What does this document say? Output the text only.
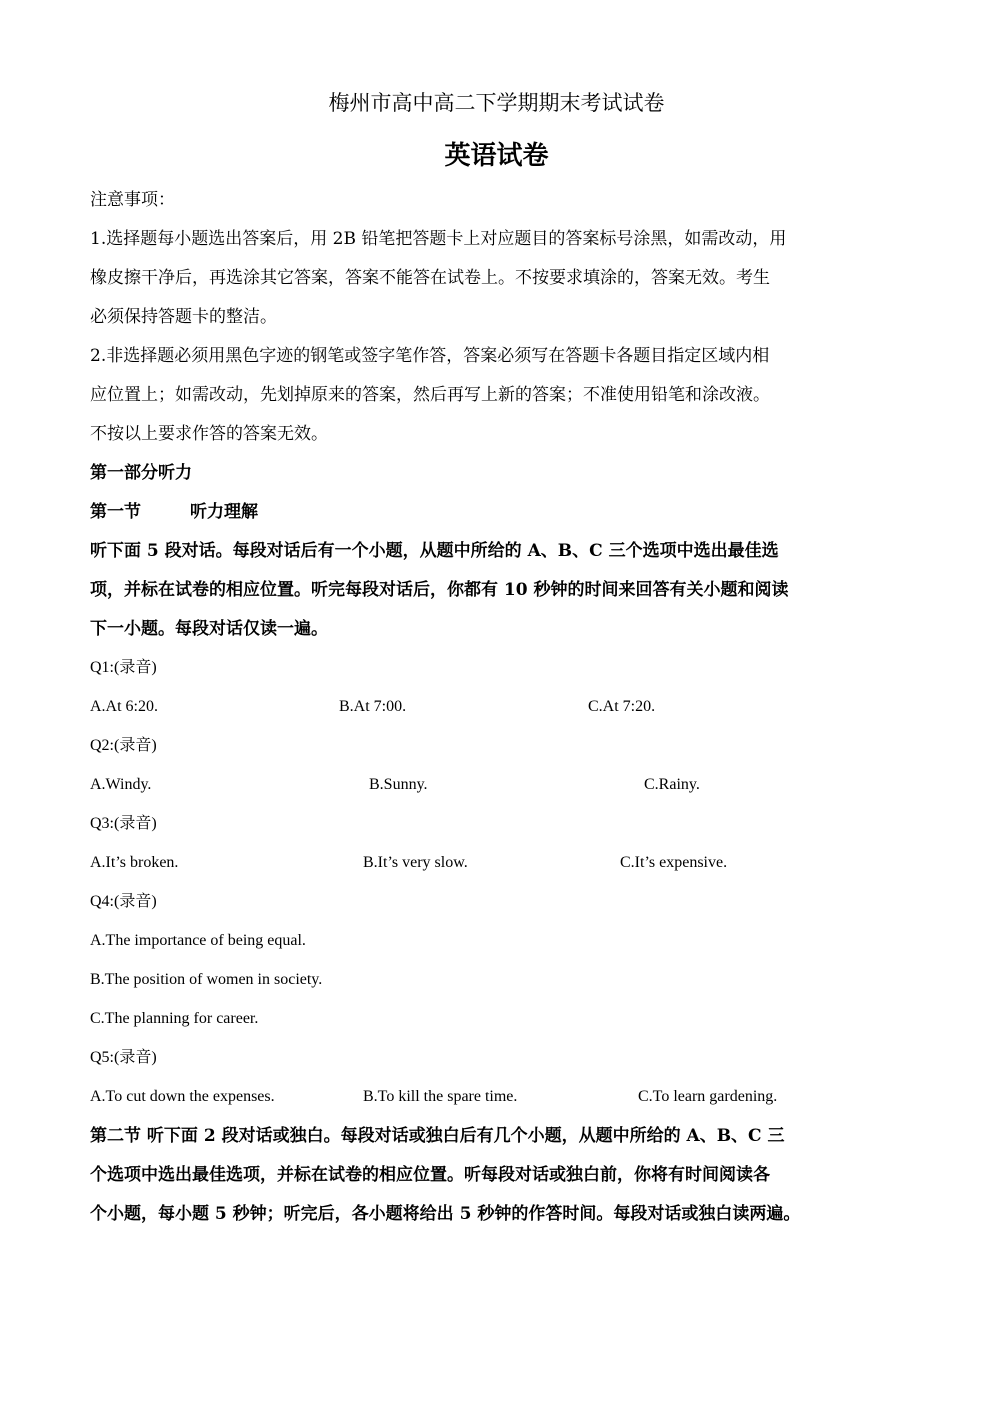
梅州市高中高二下学期期末考试试卷
英语试卷
注意事项：
1.选择题每小题选出答案后，用 2B 铅笔把答题卡上对应题目的答案标号涂黑，如需改动，用
橡皮擦干净后，再选涂其它答案，答案不能答在试卷上。不按要求填涂的，答案无效。考生
必须保持答题卡的整洁。
2.非选择题必须用黑色字迹的钢笔或签字笔作答，答案必须写在答题卡各题目指定区域内相
应位置上；如需改动，先划掉原来的答案，然后再写上新的答案；不准使用铅笔和涂改液。
不按以上要求作答的答案无效。
第一部分听力
第一节	听力理解
听下面 5 段对话。每段对话后有一个小题，从题中所给的 A、B、C 三个选项中选出最佳选
项，并标在试卷的相应位置。听完每段对话后，你都有 10 秒钟的时间来回答有关小题和阅读
下一小题。每段对话仅读一遍。
Q1:(录音)
A.At 6:20.	B.At 7:00.	C.At 7:20.
Q2:(录音)
A.Windy.	B.Sunny.	C.Rainy.
Q3:(录音)
A.It’s broken.	B.It’s very slow.	C.It’s expensive.
Q4:(录音)
A.The importance of being equal.
B.The position of women in society.
C.The planning for career.
Q5:(录音)
A.To cut down the expenses.	B.To kill the spare time.	C.To learn gardening.
第二节 听下面 2 段对话或独白。每段对话或独白后有几个小题，从题中所给的 A、B、C 三
个选项中选出最佳选项，并标在试卷的相应位置。听每段对话或独白前，你将有时间阅读各
个小题，每小题 5 秒钟；听完后，各小题将给出 5 秒钟的作答时间。每段对话或独白读两遍。
